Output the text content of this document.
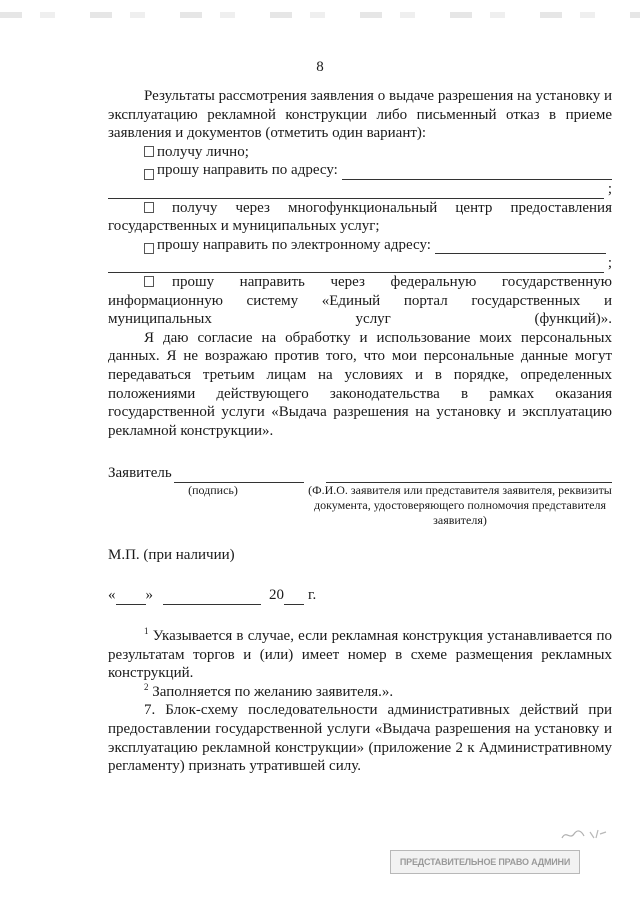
8

Результаты рассмотрения заявления о выдаче разрешения на установку и эксплуатацию рекламной конструкции либо письменный отказ в приеме заявления и документов (отметить один вариант):

получу лично;

прошу направить по адресу:
;

получу через многофункциональный центр предоставления государственных и муниципальных услуг;

прошу направить по электронному адресу:
;

прошу направить через федеральную государственную информационную систему «Единый портал государственных и муниципальных услуг (функций)».

Я даю согласие на обработку и использование моих персональных данных. Я не возражаю против того, что мои персональные данные могут передаваться третьим лицам на условиях и в порядке, определенных положениями действующего законодательства в рамках оказания государственной услуги «Выдача разрешения на установку и эксплуатацию рекламной конструкции».

Заявитель
(подпись)	(Ф.И.О. заявителя или представителя заявителя, реквизиты документа, удостоверяющего полномочия представителя заявителя)

М.П. (при наличии)

« »	20 г.

$^1$ Указывается в случае, если рекламная конструкция устанавливается по результатам торгов и (или) имеет номер в схеме размещения рекламных конструкций.

$^2$ Заполняется по желанию заявителя.».

7. Блок-схему последовательности административных действий при предоставлении государственной услуги «Выдача разрешения на установку и эксплуатацию рекламной конструкции» (приложение 2 к Административному регламенту) признать утратившей силу.

ПРЕДСТАВИТЕЛЬНОЕ ПРАВО АДМИНИ
